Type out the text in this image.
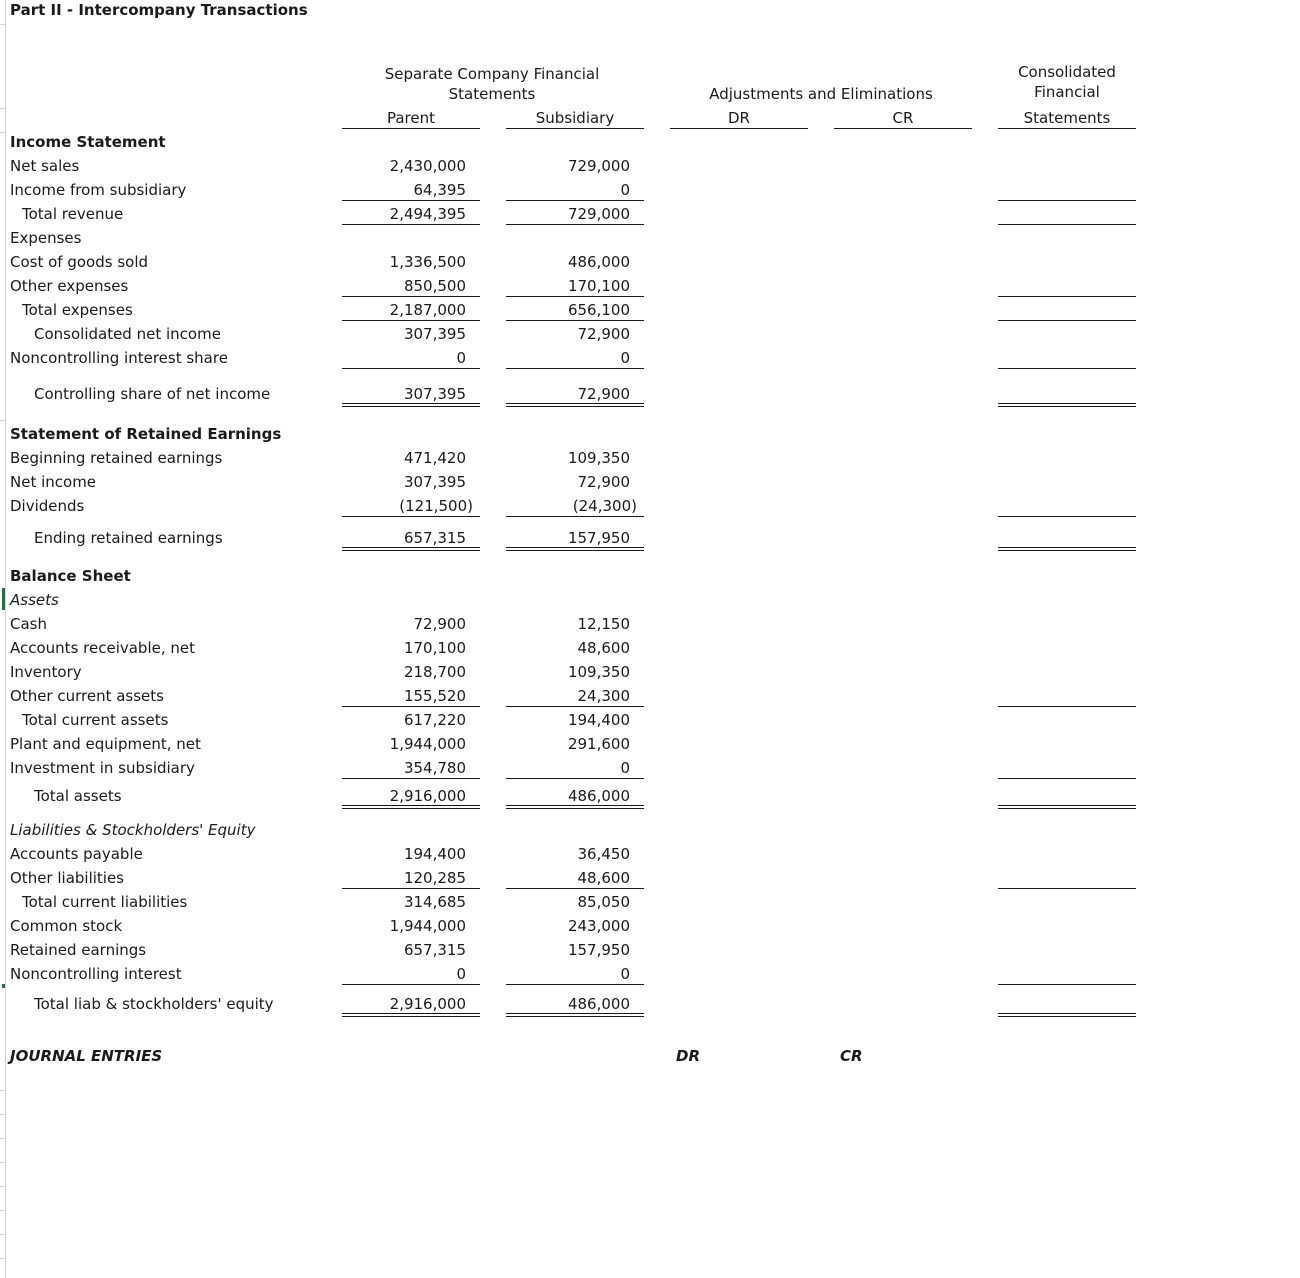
Part II - Intercompany Transactions
Separate Company Financial
Statements
Parent	Subsidiary
Adjustments and Eliminations
DR	CR
Consolidated
Financial
Statements
Income Statement
Net sales	2,430,000	729,000
Income from subsidiary	64,395	0
Total revenue	2,494,395	729,000
Expenses
Cost of goods sold	1,336,500	486,000
Other expenses	850,500	170,100
Total expenses	2,187,000	656,100
Consolidated net income	307,395	72,900
Noncontrolling interest share	0	0
Controlling share of net income	307,395	72,900
Statement of Retained Earnings
Beginning retained earnings	471,420	109,350
Net income	307,395	72,900
Dividends	(121,500)	(24,300)
Ending retained earnings	657,315	157,950
Balance Sheet
Assets
Cash	72,900	12,150
Accounts receivable, net	170,100	48,600
Inventory	218,700	109,350
Other current assets	155,520	24,300
Total current assets	617,220	194,400
Plant and equipment, net	1,944,000	291,600
Investment in subsidiary	354,780	0
Total assets	2,916,000	486,000
Liabilities & Stockholders' Equity
Accounts payable	194,400	36,450
Other liabilities	120,285	48,600
Total current liabilities	314,685	85,050
Common stock	1,944,000	243,000
Retained earnings	657,315	157,950
Noncontrolling interest	0	0
Total liab & stockholders' equity	2,916,000	486,000
JOURNAL ENTRIES	DR	CR
